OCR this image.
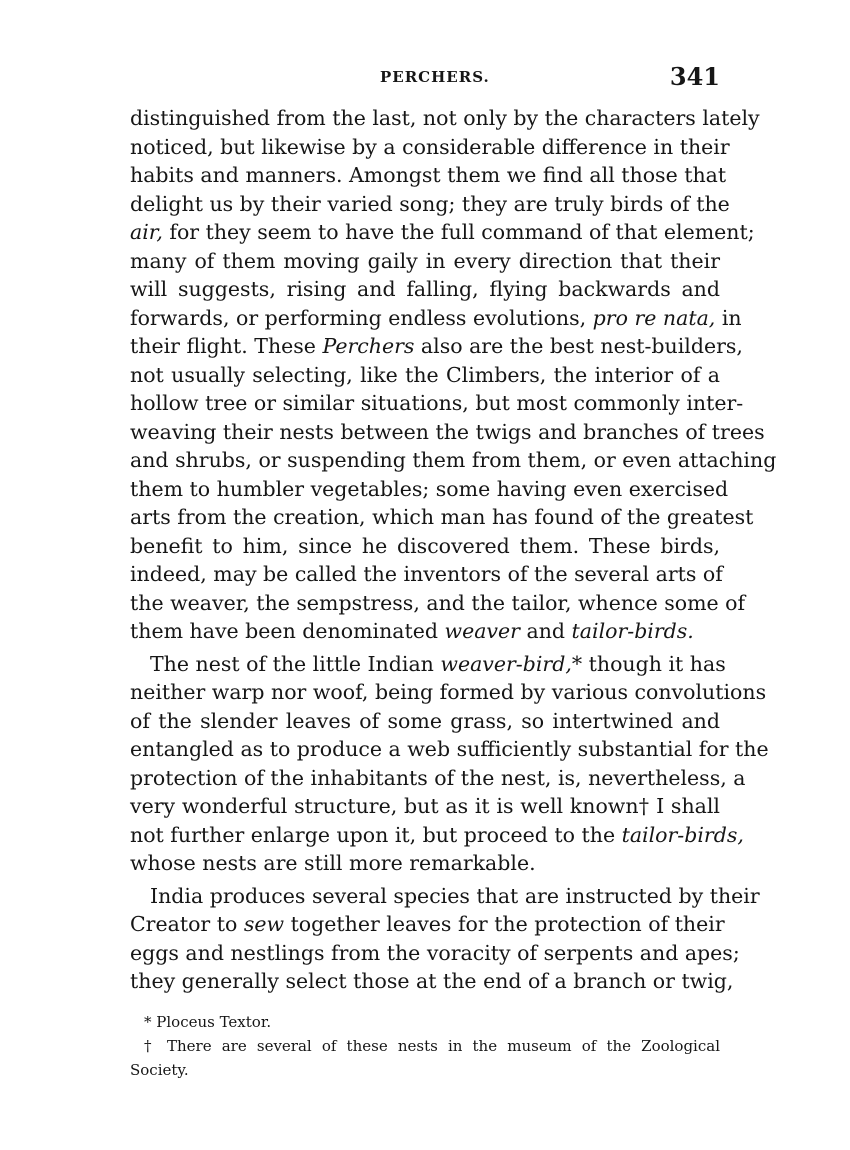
PERCHERS.	341
distinguished from the last, not only by the characters lately
noticed, but likewise by a considerable difference in their
habits and manners. Amongst them we find all those that
delight us by their varied song; they are truly birds of the
air, for they seem to have the full command of that element;
many of them moving gaily in every direction that their
will suggests, rising and falling, flying backwards and
forwards, or performing endless evolutions, pro re nata, in
their flight. These Perchers also are the best nest-builders,
not usually selecting, like the Climbers, the interior of a
hollow tree or similar situations, but most commonly inter-
weaving their nests between the twigs and branches of trees
and shrubs, or suspending them from them, or even attaching
them to humbler vegetables; some having even exercised
arts from the creation, which man has found of the greatest
benefit to him, since he discovered them. These birds,
indeed, may be called the inventors of the several arts of
the weaver, the sempstress, and the tailor, whence some of
them have been denominated weaver and tailor-birds.
The nest of the little Indian weaver-bird,* though it has
neither warp nor woof, being formed by various convolutions
of the slender leaves of some grass, so intertwined and
entangled as to produce a web sufficiently substantial for the
protection of the inhabitants of the nest, is, nevertheless, a
very wonderful structure, but as it is well known† I shall
not further enlarge upon it, but proceed to the tailor-birds,
whose nests are still more remarkable.
India produces several species that are instructed by their
Creator to sew together leaves for the protection of their
eggs and nestlings from the voracity of serpents and apes;
they generally select those at the end of a branch or twig,
* Ploceus Textor.
† There are several of these nests in the museum of the Zoological
Society.
